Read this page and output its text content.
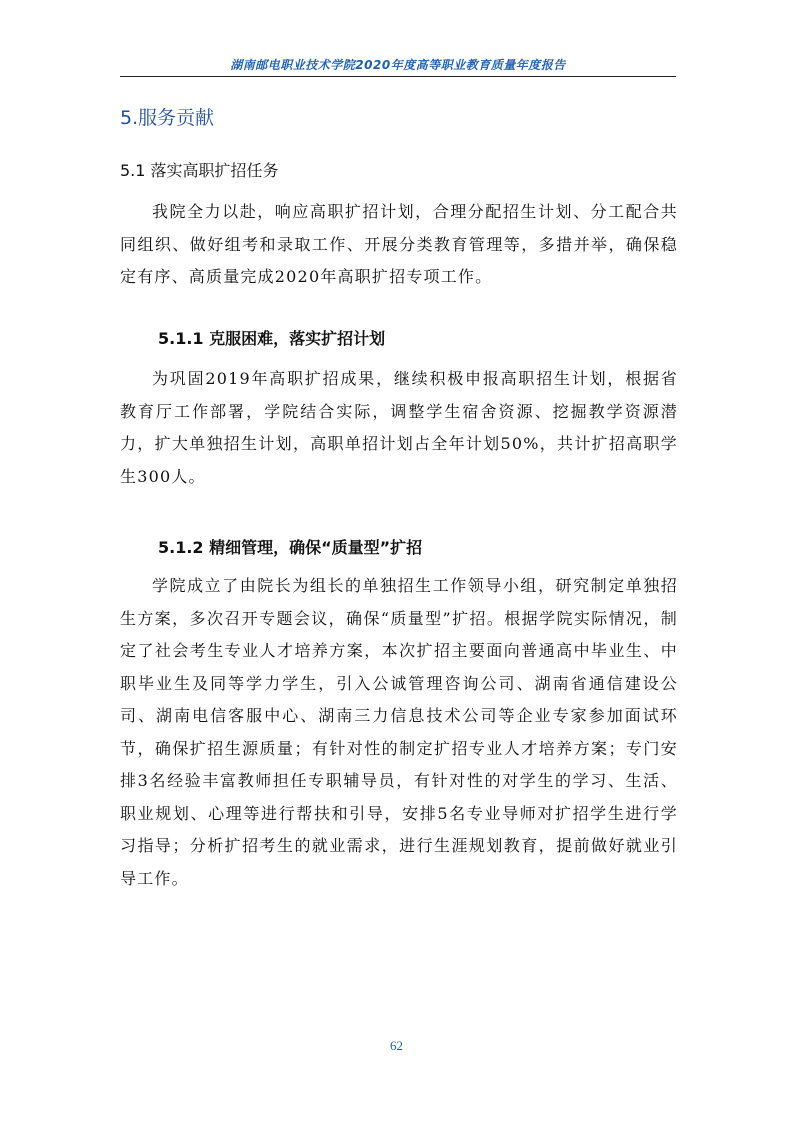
湖南邮电职业技术学院2020年度高等职业教育质量年度报告
5.服务贡献
5.1 落实高职扩招任务

我院全力以赴，响应高职扩招计划，合理分配招生计划、分工配合共同组织、做好组考和录取工作、开展分类教育管理等，多措并举，确保稳定有序、高质量完成2020年高职扩招专项工作。

5.1.1 克服困难，落实扩招计划

为巩固2019年高职扩招成果，继续积极申报高职招生计划，根据省教育厅工作部署，学院结合实际，调整学生宿舍资源、挖掘教学资源潜力，扩大单独招生计划，高职单招计划占全年计划50%，共计扩招高职学生300人。

5.1.2 精细管理，确保“质量型”扩招

学院成立了由院长为组长的单独招生工作领导小组，研究制定单独招生方案，多次召开专题会议，确保“质量型”扩招。根据学院实际情况，制定了社会考生专业人才培养方案，本次扩招主要面向普通高中毕业生、中职毕业生及同等学力学生，引入公诚管理咨询公司、湖南省通信建设公司、湖南电信客服中心、湖南三力信息技术公司等企业专家参加面试环节，确保扩招生源质量；有针对性的制定扩招专业人才培养方案；专门安排3名经验丰富教师担任专职辅导员，有针对性的对学生的学习、生活、职业规划、心理等进行帮扶和引导，安排5名专业导师对扩招学生进行学习指导；分析扩招考生的就业需求，进行生涯规划教育，提前做好就业引导工作。

62
